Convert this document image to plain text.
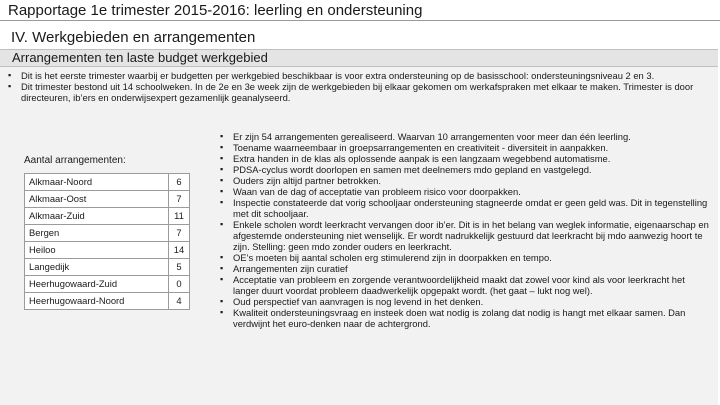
Rapportage 1e trimester 2015-2016: leerling en ondersteuning
IV. Werkgebieden en arrangementen
Arrangementen ten laste budget werkgebied
▪ Dit is het eerste trimester waarbij er budgetten per werkgebied beschikbaar is voor extra ondersteuning op de basisschool: ondersteuningsniveau 2 en 3.
▪ Dit trimester bestond uit 14 schoolweken. In de 2e en 3e week zijn de werkgebieden bij elkaar gekomen om werkafspraken met elkaar te maken. Trimester is door directeuren, ib’ers en onderwijsexpert gezamenlijk geanalyseerd.
Aantal arrangementen:
Alkmaar-Noord	6
Alkmaar-Oost	7
Alkmaar-Zuid	11
Bergen	7
Heiloo	14
Langedijk	5
Heerhugowaard-Zuid	0
Heerhugowaard-Noord	4
▪ Er zijn 54 arrangementen gerealiseerd. Waarvan 10 arrangementen voor meer dan één leerling.
▪ Toename waarneembaar in groepsarrangementen en creativiteit - diversiteit in aanpakken.
▪ Extra handen in de klas als oplossende aanpak is een langzaam wegebbend automatisme.
▪ PDSA-cyclus wordt doorlopen en samen met deelnemers mdo gepland en vastgelegd.
▪ Ouders zijn altijd partner betrokken.
▪ Waan van de dag of acceptatie van probleem risico voor doorpakken.
▪ Inspectie constateerde dat vorig schooljaar ondersteuning stagneerde omdat er geen geld was. Dit in tegenstelling met dit schooljaar.
▪ Enkele scholen wordt leerkracht vervangen door ib’er. Dit is in het belang van weglek informatie, eigenaarschap en afgestemde ondersteuning niet wenselijk. Er wordt nadrukkelijk gestuurd dat leerkracht bij mdo aanwezig hoort te zijn. Stelling: geen mdo zonder ouders en leerkracht.
▪ OE’s moeten bij aantal scholen erg stimulerend zijn in doorpakken en tempo.
▪ Arrangementen zijn curatief
▪ Acceptatie van probleem en zorgende verantwoordelijkheid maakt dat zowel voor kind als voor leerkracht het langer duurt voordat probleem daadwerkelijk opgepakt wordt. (het gaat – lukt nog wel).
▪ Oud perspectief van aanvragen is nog levend in het denken.
▪ Kwaliteit ondersteuningsvraag en insteek doen wat nodig is zolang dat nodig is hangt met elkaar samen. Dan verdwijnt het euro-denken naar de achtergrond.
